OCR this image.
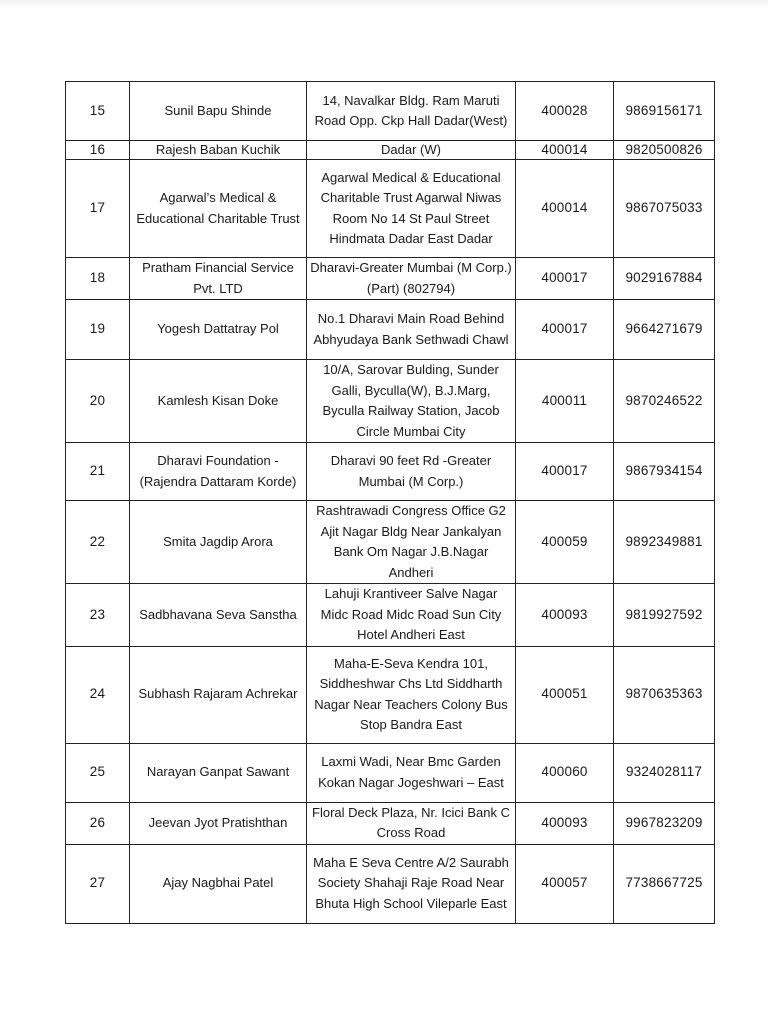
15	Sunil Bapu Shinde	14, Navalkar Bldg. Ram Maruti Road Opp. Ckp Hall Dadar(West)	400028	9869156171
16	Rajesh Baban Kuchik	Dadar (W)	400014	9820500826
17	Agarwal’s Medical & Educational Charitable Trust	Agarwal Medical & Educational Charitable Trust Agarwal Niwas Room No 14 St Paul Street Hindmata Dadar East Dadar	400014	9867075033
18	Pratham Financial Service Pvt. LTD	Dharavi-Greater Mumbai (M Corp.) (Part) (802794)	400017	9029167884
19	Yogesh Dattatray Pol	No.1 Dharavi Main Road Behind Abhyudaya Bank Sethwadi Chawl	400017	9664271679
20	Kamlesh Kisan Doke	10/A, Sarovar Bulding, Sunder Galli, Byculla(W), B.J.Marg, Byculla Railway Station, Jacob Circle Mumbai City	400011	9870246522
21	Dharavi Foundation - (Rajendra Dattaram Korde)	Dharavi 90 feet Rd -Greater Mumbai (M Corp.)	400017	9867934154
22	Smita Jagdip Arora	Rashtrawadi Congress Office G2 Ajit Nagar Bldg Near Jankalyan Bank Om Nagar J.B.Nagar Andheri	400059	9892349881
23	Sadbhavana Seva Sanstha	Lahuji Krantiveer Salve Nagar Midc Road Midc Road Sun City Hotel Andheri East	400093	9819927592
24	Subhash Rajaram Achrekar	Maha-E-Seva Kendra 101, Siddheshwar Chs Ltd Siddharth Nagar Near Teachers Colony Bus Stop Bandra East	400051	9870635363
25	Narayan Ganpat Sawant	Laxmi Wadi, Near Bmc Garden Kokan Nagar Jogeshwari – East	400060	9324028117
26	Jeevan Jyot Pratishthan	Floral Deck Plaza, Nr. Icici Bank C Cross Road	400093	9967823209
27	Ajay Nagbhai Patel	Maha E Seva Centre A/2 Saurabh Society Shahaji Raje Road Near Bhuta High School Vileparle East	400057	7738667725
